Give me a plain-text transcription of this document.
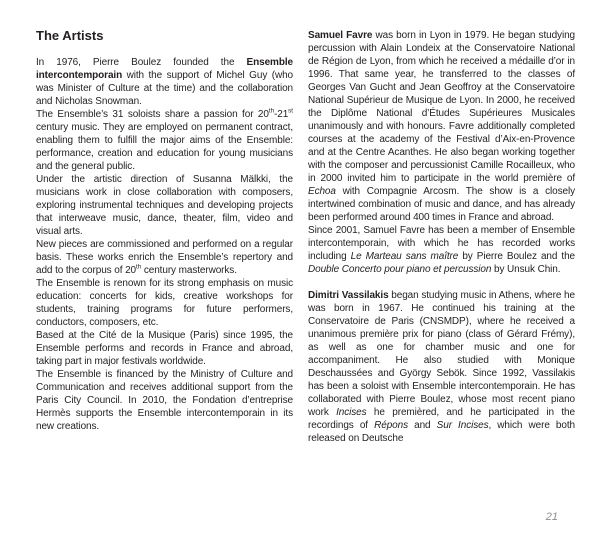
The Artists

In 1976, Pierre Boulez founded the Ensemble intercontemporain with the support of Michel Guy (who was Minister of Culture at the time) and the collaboration and Nicholas Snowman.

The Ensemble’s 31 soloists share a passion for 20th-21st century music. They are employed on permanent contract, enabling them to fulfill the major aims of the Ensemble: performance, creation and education for young musicians and the general public.

Under the artistic direction of Susanna Mälkki, the musicians work in close collaboration with composers, exploring instrumental techniques and developing projects that interweave music, dance, theater, film, video and visual arts.

New pieces are commissioned and performed on a regular basis. These works enrich the Ensemble’s repertory and add to the corpus of 20th century masterworks.

The Ensemble is renown for its strong emphasis on music education: concerts for kids, creative workshops for students, training programs for future performers, conductors, composers, etc.

Based at the Cité de la Musique (Paris) since 1995, the Ensemble performs and records in France and abroad, taking part in major festivals worldwide.

The Ensemble is financed by the Ministry of Culture and Communication and receives additional support from the Paris City Council. In 2010, the Fondation d’entreprise Hermès supports the Ensemble intercontemporain in its new creations.

Samuel Favre was born in Lyon in 1979. He began studying percussion with Alain Londeix at the Conservatoire National de Région de Lyon, from which he received a médaille d’or in 1996. That same year, he transferred to the classes of Georges Van Gucht and Jean Geoffroy at the Conservatoire National Supérieur de Musique de Lyon. In 2000, he received the Diplôme National d’Études Supérieures Musicales unanimously and with honours. Favre additionally completed courses at the academy of the Festival d’Aix-en-Provence and at the Centre Acanthes. He also began working together with the composer and percussionist Camille Rocailleux, who in 2000 invited him to participate in the world première of Echoa with Compagnie Arcosm. The show is a closely intertwined combination of music and dance, and has already been performed around 400 times in France and abroad.

Since 2001, Samuel Favre has been a member of Ensemble intercontemporain, with which he has recorded works including Le Marteau sans maître by Pierre Boulez and the Double Concerto pour piano et percussion by Unsuk Chin.

Dimitri Vassilakis began studying music in Athens, where he was born in 1967. He continued his training at the Conservatoire de Paris (CNSMDP), where he received a unanimous première prix for piano (class of Gérard Frémy), as well as one for chamber music and one for accompaniment. He also studied with Monique Deschaussées and György Sebök. Since 1992, Vassilakis has been a soloist with Ensemble intercontemporain. He has collaborated with Pierre Boulez, whose most recent piano work Incises he premièred, and he participated in the recordings of Répons and Sur Incises, which were both released on Deutsche

21
